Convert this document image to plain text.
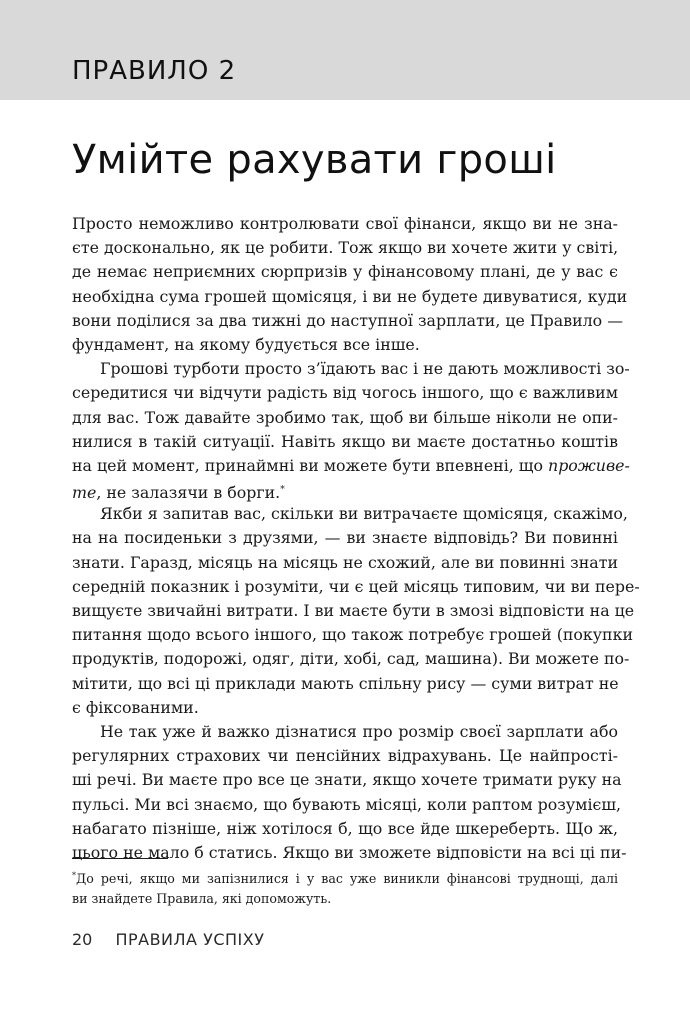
ПРАВИЛО 2
Умійте рахувати гроші
Просто неможливо контролювати свої фінанси, якщо ви не зна-
єте досконально, як це робити. Тож якщо ви хочете жити у світі,
де немає неприємних сюрпризів у фінансовому плані, де у вас є
необхідна сума грошей щомісяця, і ви не будете дивуватися, куди
вони поділися за два тижні до наступної зарплати, це Правило —
фундамент, на якому будується все інше.
Грошові турботи просто з’їдають вас і не дають можливості зо-
середитися чи відчути радість від чогось іншого, що є важливим
для вас. Тож давайте зробимо так, щоб ви більше ніколи не опи-
нилися в такій ситуації. Навіть якщо ви маєте достатньо коштів
на цей момент, принаймні ви можете бути впевнені, що проживе-
те, не залазячи в борги.*
Якби я запитав вас, скільки ви витрачаєте щомісяця, скажімо,
на на посиденьки з друзями, — ви знаєте відповідь? Ви повинні
знати. Гаразд, місяць на місяць не схожий, але ви повинні знати
середній показник і розуміти, чи є цей місяць типовим, чи ви пере-
вищуєте звичайні витрати. І ви маєте бути в змозі відповісти на це
питання щодо всього іншого, що також потребує грошей (покупки
продуктів, подорожі, одяг, діти, хобі, сад, машина). Ви можете по-
мітити, що всі ці приклади мають спільну рису — суми витрат не
є фіксованими.
Не так уже й важко дізнатися про розмір своєї зарплати або
регулярних страхових чи пенсійних відрахувань. Це найпрості-
ші речі. Ви маєте про все це знати, якщо хочете тримати руку на
пульсі. Ми всі знаємо, що бувають місяці, коли раптом розумієш,
набагато пізніше, ніж хотілося б, що все йде шкереберть. Що ж,
цього не мало б статись. Якщо ви зможете відповісти на всі ці пи-
*До речі, якщо ми запізнилися і у вас уже виникли фінансові труднощі, далі
ви знайдете Правила, які допоможуть.
20 ПРАВИЛА УСПІХУ
